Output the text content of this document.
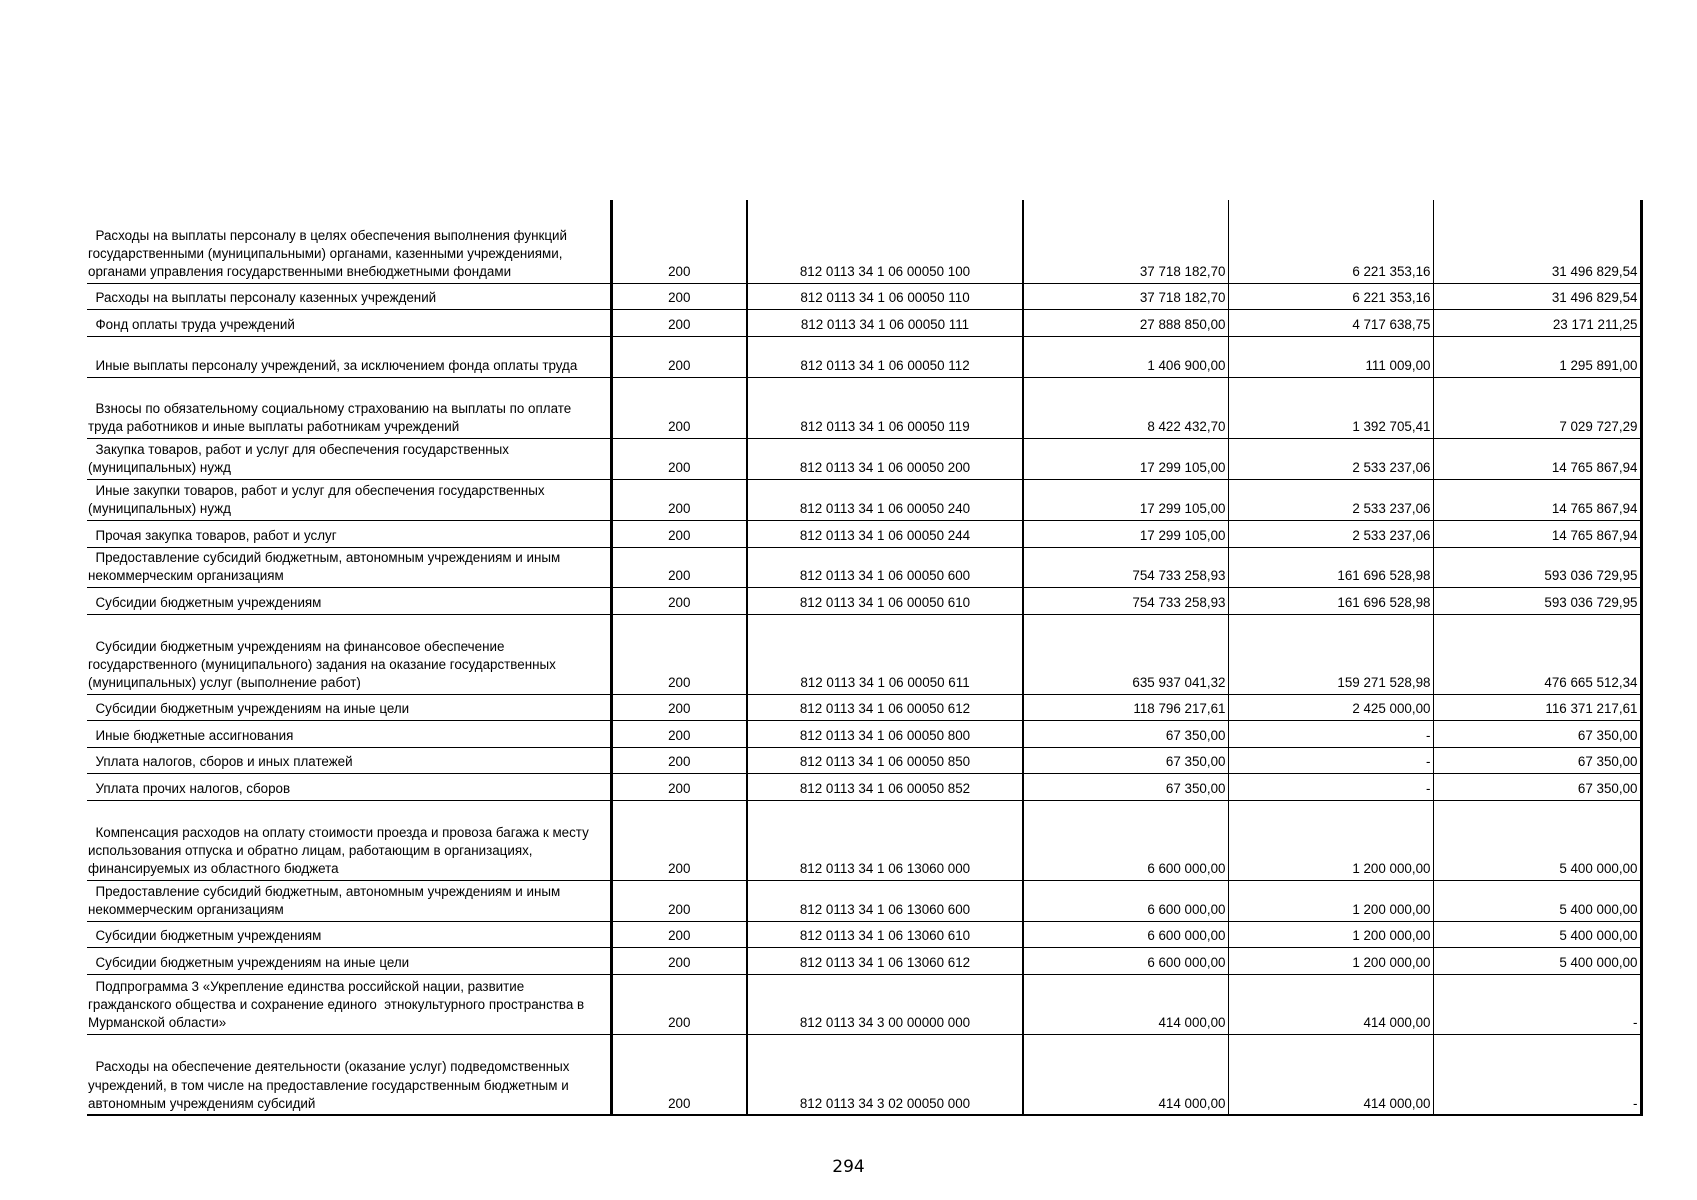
Расходы на выплаты персоналу в целях обеспечения выполнения функций государственными (муниципальными) органами, казенными учреждениями, органами управления государственными внебюджетными фондами	200	812 0113 34 1 06 00050 100	37 718 182,70	6 221 353,16	31 496 829,54
Расходы на выплаты персоналу казенных учреждений	200	812 0113 34 1 06 00050 110	37 718 182,70	6 221 353,16	31 496 829,54
Фонд оплаты труда учреждений	200	812 0113 34 1 06 00050 111	27 888 850,00	4 717 638,75	23 171 211,25
Иные выплаты персоналу учреждений, за исключением фонда оплаты труда	200	812 0113 34 1 06 00050 112	1 406 900,00	111 009,00	1 295 891,00
Взносы по обязательному социальному страхованию на выплаты по оплате труда работников и иные выплаты работникам учреждений	200	812 0113 34 1 06 00050 119	8 422 432,70	1 392 705,41	7 029 727,29
Закупка товаров, работ и услуг для обеспечения государственных (муниципальных) нужд	200	812 0113 34 1 06 00050 200	17 299 105,00	2 533 237,06	14 765 867,94
Иные закупки товаров, работ и услуг для обеспечения государственных (муниципальных) нужд	200	812 0113 34 1 06 00050 240	17 299 105,00	2 533 237,06	14 765 867,94
Прочая закупка товаров, работ и услуг	200	812 0113 34 1 06 00050 244	17 299 105,00	2 533 237,06	14 765 867,94
Предоставление субсидий бюджетным, автономным учреждениям и иным некоммерческим организациям	200	812 0113 34 1 06 00050 600	754 733 258,93	161 696 528,98	593 036 729,95
Субсидии бюджетным учреждениям	200	812 0113 34 1 06 00050 610	754 733 258,93	161 696 528,98	593 036 729,95
Субсидии бюджетным учреждениям на финансовое обеспечение государственного (муниципального) задания на оказание государственных (муниципальных) услуг (выполнение работ)	200	812 0113 34 1 06 00050 611	635 937 041,32	159 271 528,98	476 665 512,34
Субсидии бюджетным учреждениям на иные цели	200	812 0113 34 1 06 00050 612	118 796 217,61	2 425 000,00	116 371 217,61
Иные бюджетные ассигнования	200	812 0113 34 1 06 00050 800	67 350,00	-	67 350,00
Уплата налогов, сборов и иных платежей	200	812 0113 34 1 06 00050 850	67 350,00	-	67 350,00
Уплата прочих налогов, сборов	200	812 0113 34 1 06 00050 852	67 350,00	-	67 350,00
Компенсация расходов на оплату стоимости проезда и провоза багажа к месту использования отпуска и обратно лицам, работающим в организациях, финансируемых из областного бюджета	200	812 0113 34 1 06 13060 000	6 600 000,00	1 200 000,00	5 400 000,00
Предоставление субсидий бюджетным, автономным учреждениям и иным некоммерческим организациям	200	812 0113 34 1 06 13060 600	6 600 000,00	1 200 000,00	5 400 000,00
Субсидии бюджетным учреждениям	200	812 0113 34 1 06 13060 610	6 600 000,00	1 200 000,00	5 400 000,00
Субсидии бюджетным учреждениям на иные цели	200	812 0113 34 1 06 13060 612	6 600 000,00	1 200 000,00	5 400 000,00
Подпрограмма 3 «Укрепление единства российской нации, развитие гражданского общества и сохранение единого  этнокультурного пространства в Мурманской области»	200	812 0113 34 3 00 00000 000	414 000,00	414 000,00	-
Расходы на обеспечение деятельности (оказание услуг) подведомственных учреждений, в том числе на предоставление государственным бюджетным и автономным учреждениям субсидий	200	812 0113 34 3 02 00050 000	414 000,00	414 000,00	-
294
